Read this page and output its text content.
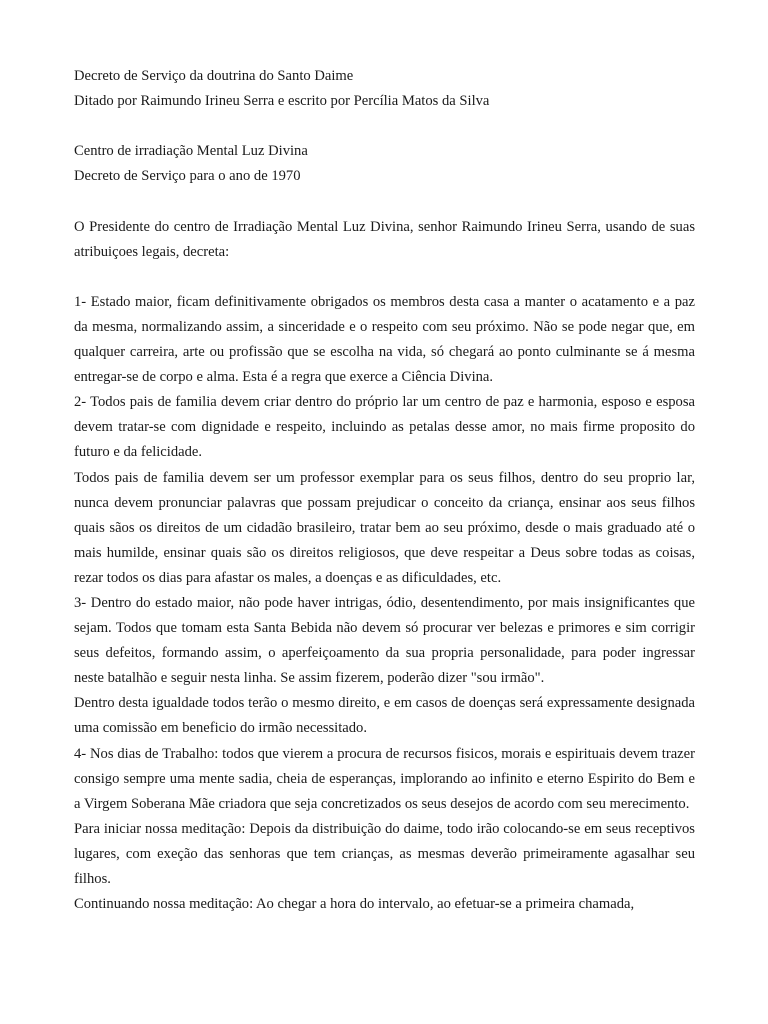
Decreto de Serviço da doutrina do Santo Daime

Ditado por Raimundo Irineu Serra e escrito por Percília Matos da Silva

Centro de irradiação Mental Luz Divina

Decreto de Serviço para o ano de 1970

O Presidente do centro de Irradiação Mental Luz Divina, senhor Raimundo Irineu Serra, usando de suas atribuiçoes legais, decreta:

1- Estado maior, ficam definitivamente obrigados os membros desta casa a manter o acatamento e a paz da mesma, normalizando assim, a sinceridade e o respeito com seu próximo. Não se pode negar que, em qualquer carreira, arte ou profissão que se escolha na vida, só chegará ao ponto culminante se á mesma entregar-se de corpo e alma. Esta é a regra que exerce a Ciência Divina.

2- Todos pais de familia devem criar dentro do próprio lar um centro de paz e harmonia, esposo e esposa devem tratar-se com dignidade e respeito, incluindo as petalas desse amor, no mais firme proposito do futuro e da felicidade.

Todos pais de familia devem ser um professor exemplar para os seus filhos, dentro do seu proprio lar, nunca devem pronunciar palavras que possam prejudicar o conceito da criança, ensinar aos seus filhos quais sãos os direitos de um cidadão brasileiro, tratar bem ao seu próximo, desde o mais graduado até o mais humilde, ensinar quais são os direitos religiosos, que deve respeitar a Deus sobre todas as coisas, rezar todos os dias para afastar os males, a doenças e as dificuldades, etc.

3- Dentro do estado maior, não pode haver intrigas, ódio, desentendimento, por mais insignificantes que sejam. Todos que tomam esta Santa Bebida não devem só procurar ver belezas e primores e sim corrigir seus defeitos, formando assim, o aperfeiçoamento da sua propria personalidade, para poder ingressar neste batalhão e seguir nesta linha. Se assim fizerem, poderão dizer "sou irmão".

Dentro desta igualdade todos terão o mesmo direito, e em casos de doenças será expressamente designada uma comissão em beneficio do irmão necessitado.

4- Nos dias de Trabalho: todos que vierem a procura de recursos fisicos, morais e espirituais devem trazer consigo sempre uma mente sadia, cheia de esperanças, implorando ao infinito e eterno Espirito do Bem e a Virgem Soberana Mãe criadora que seja concretizados os seus desejos de acordo com seu merecimento.

Para iniciar nossa meditação: Depois da distribuição do daime, todo irão colocando-se em seus receptivos lugares, com exeção das senhoras que tem crianças, as mesmas deverão primeiramente agasalhar seu filhos.

Continuando nossa meditação: Ao chegar a hora do intervalo, ao efetuar-se a primeira chamada,
